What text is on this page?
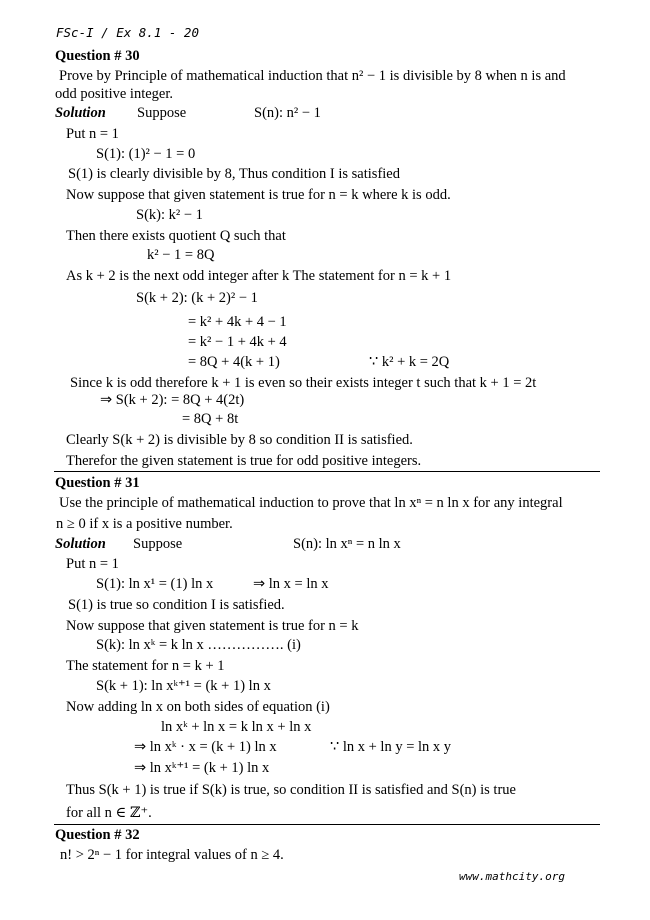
FSc-I / Ex 8.1 - 20
Question # 30
Prove by Principle of mathematical induction that n² − 1 is divisible by 8 when n is and
odd positive integer.
Solution Suppose	S(n): n² − 1
Put n = 1
S(1): (1)² − 1 = 0
S(1) is clearly divisible by 8, Thus condition I is satisfied
Now suppose that given statement is true for n = k where k is odd.
S(k): k² − 1
Then there exists quotient Q such that
k² − 1 = 8Q
As k + 2 is the next odd integer after k The statement for n = k + 1
S(k + 2): (k + 2)² − 1
= k² + 4k + 4 − 1
= k² − 1 + 4k + 4
= 8Q + 4(k + 1)	∵ k² + k = 2Q
Since k is odd therefore k + 1 is even so their exists integer t such that k + 1 = 2t
⇒ S(k + 2): = 8Q + 4(2t)
= 8Q + 8t
Clearly S(k + 2) is divisible by 8 so condition II is satisfied.
Therefor the given statement is true for odd positive integers.
Question # 31
Use the principle of mathematical induction to prove that ln xⁿ = n ln x for any integral
n ≥ 0 if x is a positive number.
Solution Suppose	S(n): ln xⁿ = n ln x
Put n = 1
S(1): ln x¹ = (1) ln x	⇒ ln x = ln x
S(1) is true so condition I is satisfied.
Now suppose that given statement is true for n = k
S(k): ln xᵏ = k ln x ……………. (i)
The statement for n = k + 1
S(k + 1): ln xᵏ⁺¹ = (k + 1) ln x
Now adding ln x on both sides of equation (i)
ln xᵏ + ln x = k ln x + ln x
⇒ ln xᵏ · x = (k + 1) ln x	∵ ln x + ln y = ln x y
⇒ ln xᵏ⁺¹ = (k + 1) ln x
Thus S(k + 1) is true if S(k) is true, so condition II is satisfied and S(n) is true
for all n ∈ ℤ⁺.
Question # 32
n! > 2ⁿ − 1 for integral values of n ≥ 4.
www.mathcity.org
